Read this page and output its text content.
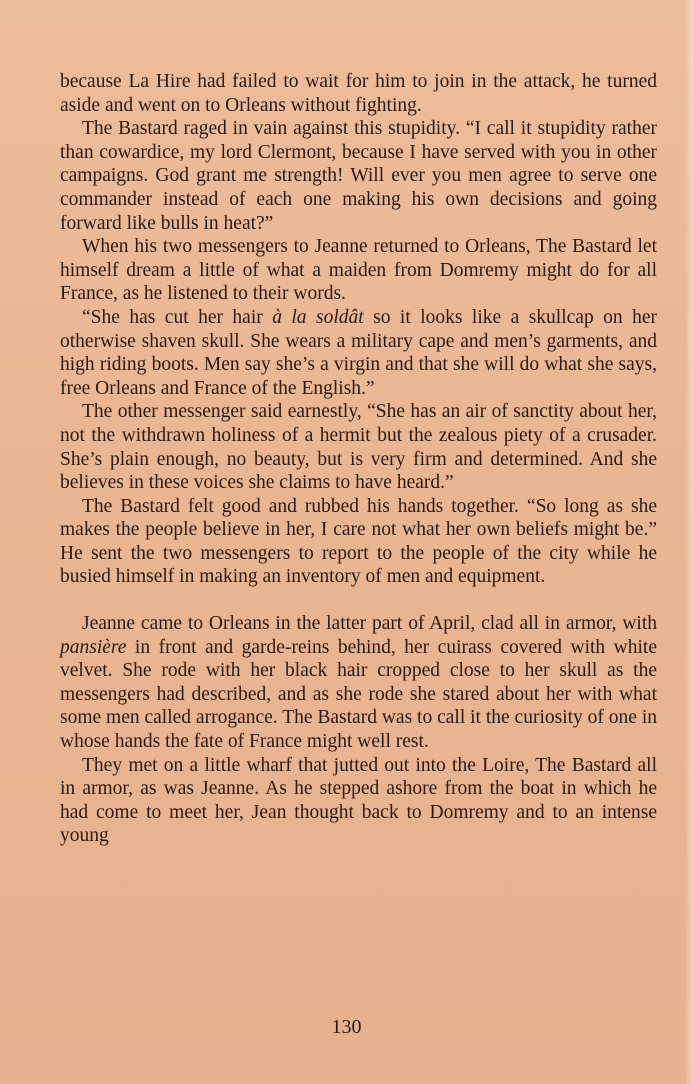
because La Hire had failed to wait for him to join in the attack, he turned aside and went on to Orleans without fighting.

The Bastard raged in vain against this stupidity. “I call it stupidity rather than cowardice, my lord Clermont, because I have served with you in other campaigns. God grant me strength! Will ever you men agree to serve one commander instead of each one making his own decisions and going forward like bulls in heat?”

When his two messengers to Jeanne returned to Orleans, The Bastard let himself dream a little of what a maiden from Domremy might do for all France, as he listened to their words.

“She has cut her hair à la soldât so it looks like a skullcap on her otherwise shaven skull. She wears a military cape and men’s garments, and high riding boots. Men say she’s a virgin and that she will do what she says, free Orleans and France of the English.”

The other messenger said earnestly, “She has an air of sanctity about her, not the withdrawn holiness of a hermit but the zealous piety of a crusader. She’s plain enough, no beauty, but is very firm and determined. And she believes in these voices she claims to have heard.”

The Bastard felt good and rubbed his hands together. “So long as she makes the people believe in her, I care not what her own beliefs might be.” He sent the two messengers to report to the people of the city while he busied himself in making an inventory of men and equipment.

Jeanne came to Orleans in the latter part of April, clad all in armor, with pansière in front and garde-reins behind, her cuirass covered with white velvet. She rode with her black hair cropped close to her skull as the messengers had described, and as she rode she stared about her with what some men called arrogance. The Bastard was to call it the curiosity of one in whose hands the fate of France might well rest.

They met on a little wharf that jutted out into the Loire, The Bastard all in armor, as was Jeanne. As he stepped ashore from the boat in which he had come to meet her, Jean thought back to Domremy and to an intense young

130
